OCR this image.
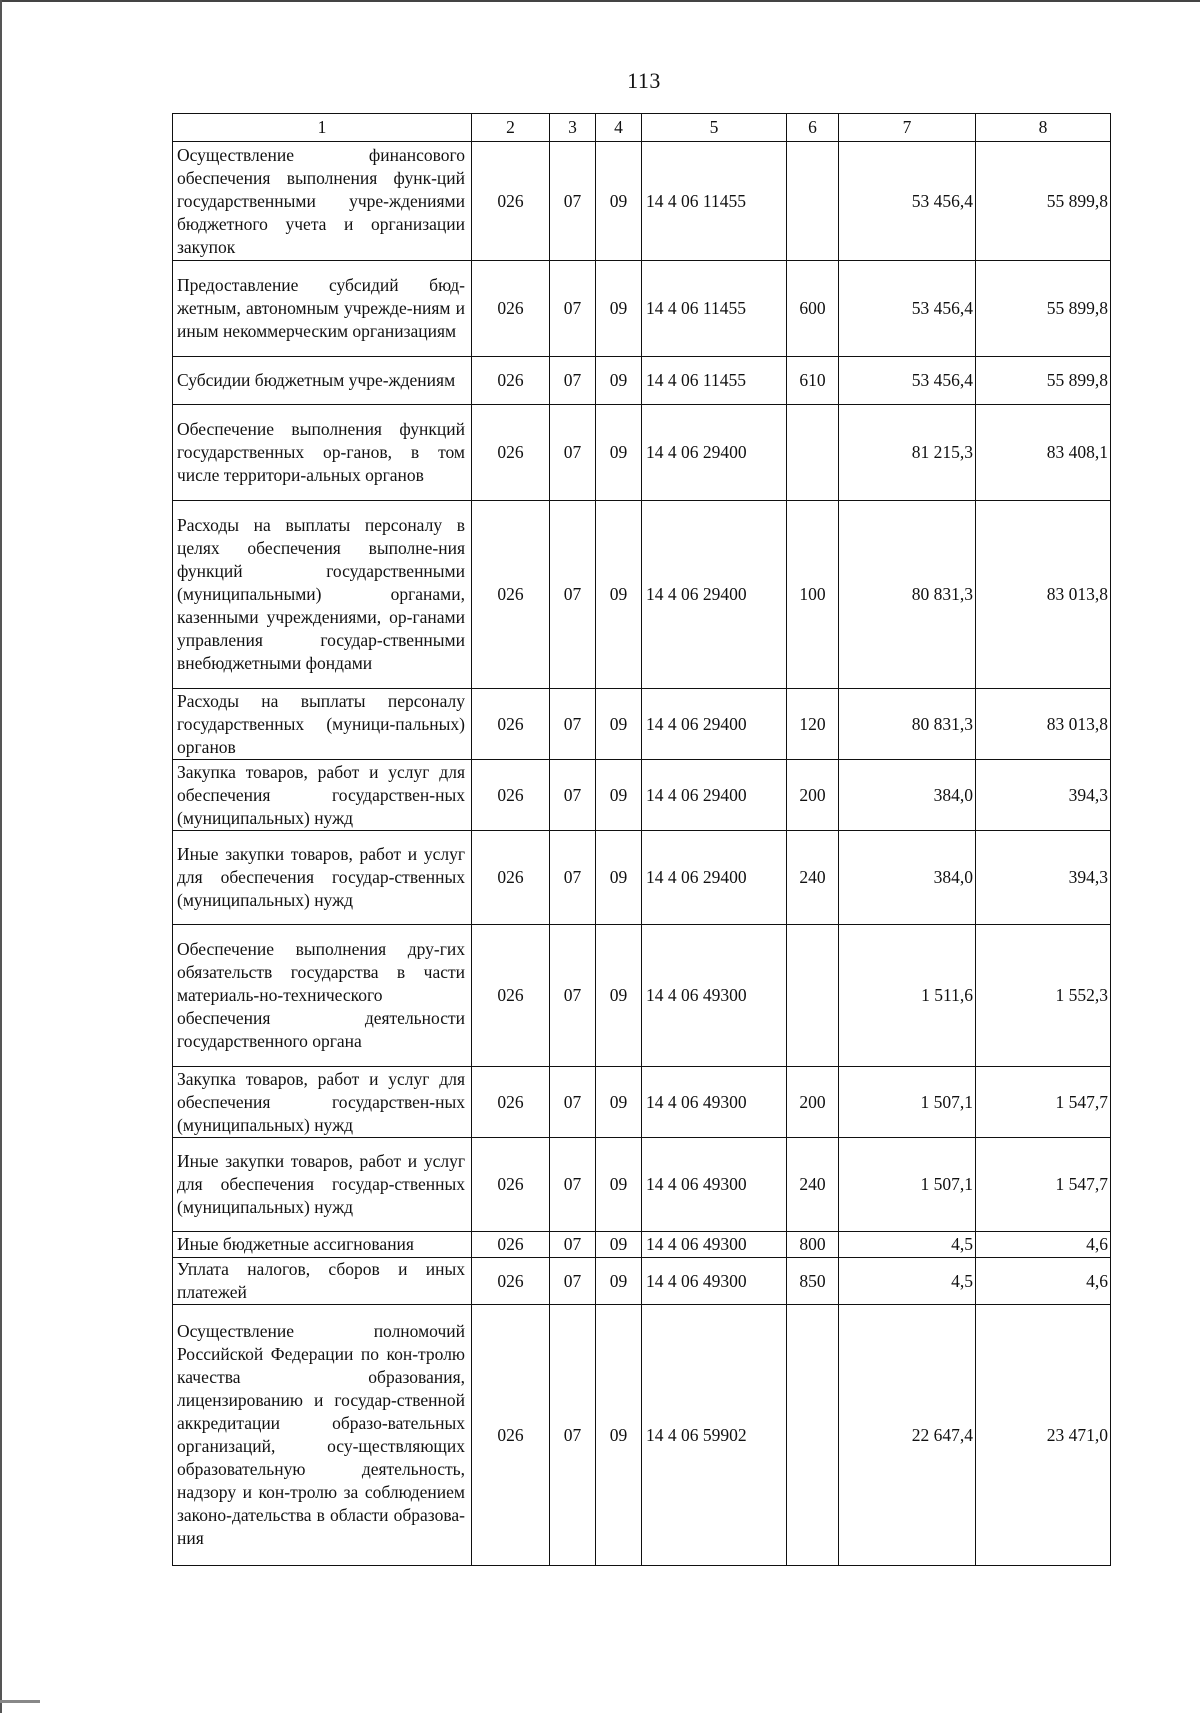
113
1	2	3	4	5	6	7	8
Осуществление финансового обеспечения выполнения функ-ций государственными учре-ждениями бюджетного учета и организации закупок	026	07	09	14 4 06 11455		53 456,4	55 899,8
Предоставление субсидий бюд-жетным, автономным учрежде-ниям и иным некоммерческим организациям	026	07	09	14 4 06 11455	600	53 456,4	55 899,8
Субсидии бюджетным учре-ждениям	026	07	09	14 4 06 11455	610	53 456,4	55 899,8
Обеспечение выполнения функций государственных ор-ганов, в том числе территори-альных органов	026	07	09	14 4 06 29400		81 215,3	83 408,1
Расходы на выплаты персоналу в целях обеспечения выполне-ния функций государственными (муниципальными) органами, казенными учреждениями, ор-ганами управления государ-ственными внебюджетными фондами	026	07	09	14 4 06 29400	100	80 831,3	83 013,8
Расходы на выплаты персоналу государственных (муници-пальных) органов	026	07	09	14 4 06 29400	120	80 831,3	83 013,8
Закупка товаров, работ и услуг для обеспечения государствен-ных (муниципальных) нужд	026	07	09	14 4 06 29400	200	384,0	394,3
Иные закупки товаров, работ и услуг для обеспечения государ-ственных (муниципальных) нужд	026	07	09	14 4 06 29400	240	384,0	394,3
Обеспечение выполнения дру-гих обязательств государства в части материаль-но-технического обеспечения деятельности государственного органа	026	07	09	14 4 06 49300		1 511,6	1 552,3
Закупка товаров, работ и услуг для обеспечения государствен-ных (муниципальных) нужд	026	07	09	14 4 06 49300	200	1 507,1	1 547,7
Иные закупки товаров, работ и услуг для обеспечения государ-ственных (муниципальных) нужд	026	07	09	14 4 06 49300	240	1 507,1	1 547,7
Иные бюджетные ассигнования	026	07	09	14 4 06 49300	800	4,5	4,6
Уплата налогов, сборов и иных платежей	026	07	09	14 4 06 49300	850	4,5	4,6
Осуществление полномочий Российской Федерации по кон-тролю качества образования, лицензированию и государ-ственной аккредитации образо-вательных организаций, осу-ществляющих образовательную деятельность, надзору и кон-тролю за соблюдением законо-дательства в области образова-ния	026	07	09	14 4 06 59902		22 647,4	23 471,0
